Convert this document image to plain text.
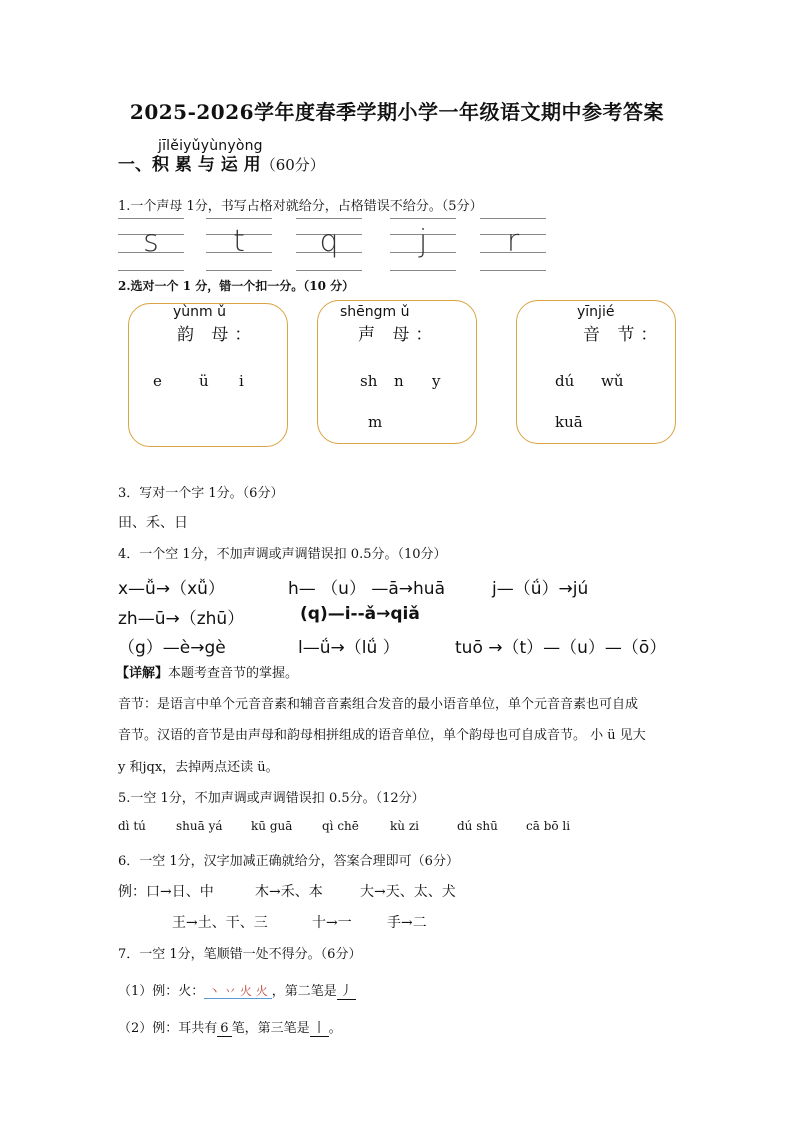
2025-2026学年度春季学期小学一年级语文期中参考答案
jīlěiyǔyùnyòng
一、积 累 与 运 用（60分）
1.一个声母 1分，书写占格对就给分，占格错误不给分。（5分）
s	t	q	j	r
2.选对一个 1 分，错一个扣一分。（10 分）
yùnm ǔ
韵 母：
e ü i
shēngm ǔ
声 母：
sh n y
m
yīnjié
音 节：
dú wǔ
kuā
3．写对一个字 1分。（6分）
田、禾、日
4．一个空 1分，不加声调或声调错误扣 0.5分。（10分）
x—ǚ→（xǚ）	h— （u） —ā→huā	j—（ǘ）→jú
zh—ū→（zhū）	(q)—i--ǎ→qiǎ
（g）—è→gè	l—ǘ→（lǘ ）	tuō →（t）—（u）—（ō）
【详解】本题考查音节的掌握。
音节：是语言中单个元音音素和辅音音素组合发音的最小语音单位，单个元音音素也可自成
音节。汉语的音节是由声母和韵母相拼组成的语音单位，单个韵母也可自成音节。 小 ü 见大
y 和jqx，去掉两点还读 ü。
5.一空 1分，不加声调或声调错误扣 0.5分。（12分）
dì tú	shuā yá kū guā qì chē	kù zi	dú shū cā bō li
6．一空 1分，汉字加减正确就给分，答案合理即可（6分）
例：口→日、中	木→禾、本	大→天、太、犬
王→土、干、三	十→一	手→二
7．一空 1分，笔顺错一处不得分。（6分）
（1）例：火： 丶 丷 火 火 ，第二笔是 丿
（2）例：耳共有 6 笔，第三笔是 丨 。
